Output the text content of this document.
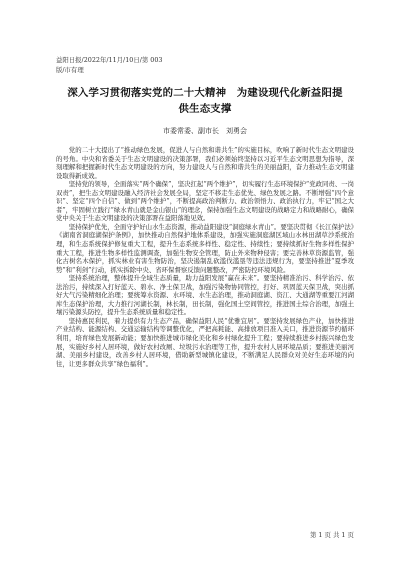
益阳日报/2022年/11月/10日/第 003
版/市有理
深入学习贯彻落实党的二十大精神　为建设现代化新益阳提
供生态支撑
市委常委、副市长　刘勇会

党的二十大提出了“推动绿色发展，促进人与自然和谐共生”的实施目标，吹响了新时代生态文明建设的号角。中央和省委关于生态文明建设的决策部署，我们必须始终坚持以习近平生态文明思想为指导，深刻理解和把握新时代生态文明建设的方向，努力建设人与自然和谐共生的美丽益阳，奋力推动生态文明建设取得新成效。

坚持党的领导，全面落实“两个确保”，坚决扛起“两个维护”，切实履行生态环境保护“党政同责、一岗双责”，把生态文明建设融入经济社会发展全局，坚定不移走生态优先、绿色发展之路。不断增强“四个意识”、坚定“四个自信”、做到“两个维护”，不断提高政治判断力、政治领悟力、政治执行力，牢记“国之大者”，牢固树立践行“绿水青山就是金山银山”的理念，保持加强生态文明建设的战略定力和战略耐心，确保党中央关于生态文明建设的决策部署在益阳落地见效。

坚持保护优先，全面守护好山水生态资源，推动益阳建设“洞庭绿水青山”。要坚决贯彻《长江保护法》《湖南省洞庭湖保护条例》，加快推动自然保护地体系建设，加强实施洞庭湖区域山水林田湖草沙系统治理，和生态系统保护修复重大工程，提升生态系统多样性、稳定性、持续性；要持续抓好生物多样性保护重大工程，推进生物多样性监测调查，加强生物安全管理，防止外来物种侵害；要完善林草资源监管，强化古树名木保护，抓实林业有害生物防治，坚决遏制乱砍滥伐滥垦等违法违规行为，要坚持推进“夏季攻势”和“利剑”行动，抓实拆除中央、省环保督察反馈问题整改，严密防控环境风险。

坚持系统治理，整体提升全域生态质量，助力益阳发展“赢在未来”。要坚持精准治污、科学治污、依法治污，持续深入打好蓝天、碧水、净土保卫战，加强污染物协同管控，打好、巩固蓝天保卫战，突出抓好大气污染精细化治理；要统筹水资源、水环境、水生态治理，推动洞庭湖、资江、大通湖等重要江河湖库生态保护治理，大力推行河湖长制，林长制，田长制，强化国土空间管控，推进国土综合治理，加强土壤污染源头防控，提升生态系统质量和稳定性。

坚持惠民利民，着力提供有力生态产品，确保益阳人民“优雅宜居”。要坚持发展绿色产业，加快推进产业结构、能源结构、交通运输结构等调整优化，严把高耗能、高排放项目准入关口，推进资源节约循环利用，培育绿色发展新动能；要加快推进城市绿化美化和乡村绿化提升工程；要持续推进乡村振兴绿色发展，实施好乡村人居环境，做好农村改厕、垃圾污水治理等工作，提升农村人居环境品质；要推进美丽河湖、美丽乡村建设，改善乡村人居环境，借助新型城镇化建设，不断满足人民群众对美好生态环境的向往，让更多群众共享“绿色福利”。

第 1 页 共 1 页
